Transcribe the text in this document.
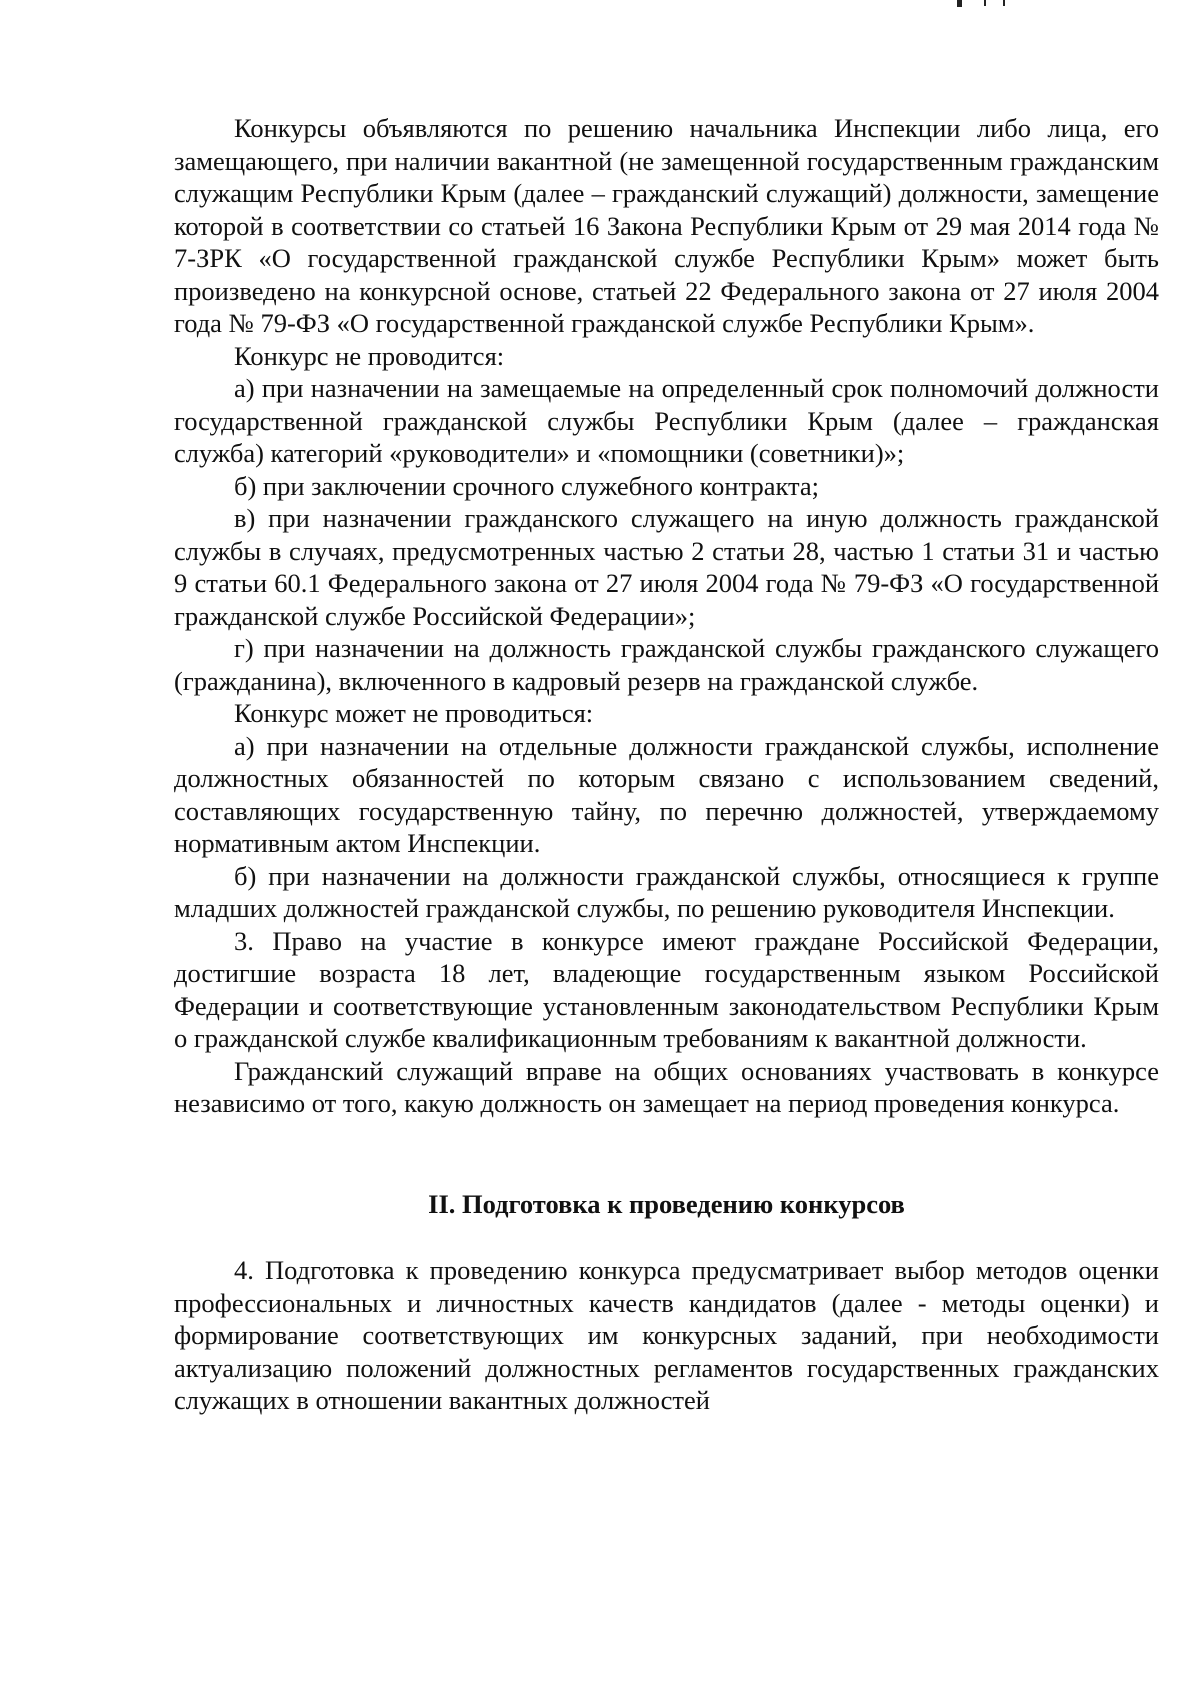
Конкурсы объявляются по решению начальника Инспекции либо лица, его замещающего, при наличии вакантной (не замещенной государственным гражданским служащим Республики Крым (далее – гражданский служащий) должности, замещение которой в соответствии со статьей 16 Закона Республики Крым от 29 мая 2014 года № 7-ЗРК «О государственной гражданской службе Республики Крым» может быть произведено на конкурсной основе, статьей 22 Федерального закона от 27 июля 2004 года № 79-ФЗ «О государственной гражданской службе Республики Крым».

Конкурс не проводится:

а) при назначении на замещаемые на определенный срок полномочий должности государственной гражданской службы Республики Крым (далее – гражданская служба) категорий «руководители» и «помощники (советники)»;

б) при заключении срочного служебного контракта;

в) при назначении гражданского служащего на иную должность гражданской службы в случаях, предусмотренных частью 2 статьи 28, частью 1 статьи 31 и частью 9 статьи 60.1 Федерального закона от 27 июля 2004 года № 79-ФЗ «О государственной гражданской службе Российской Федерации»;

г) при назначении на должность гражданской службы гражданского служащего (гражданина), включенного в кадровый резерв на гражданской службе.

Конкурс может не проводиться:

а) при назначении на отдельные должности гражданской службы, исполнение должностных обязанностей по которым связано с использованием сведений, составляющих государственную тайну, по перечню должностей, утверждаемому нормативным актом Инспекции.

б) при назначении на должности гражданской службы, относящиеся к группе младших должностей гражданской службы, по решению руководителя Инспекции.

3. Право на участие в конкурсе имеют граждане Российской Федерации, достигшие возраста 18 лет, владеющие государственным языком Российской Федерации и соответствующие установленным законодательством Республики Крым о гражданской службе квалификационным требованиям к вакантной должности.

Гражданский служащий вправе на общих основаниях участвовать в конкурсе независимо от того, какую должность он замещает на период проведения конкурса.

II. Подготовка к проведению конкурсов

4. Подготовка к проведению конкурса предусматривает выбор методов оценки профессиональных и личностных качеств кандидатов (далее - методы оценки) и формирование соответствующих им конкурсных заданий, при необходимости актуализацию положений должностных регламентов государственных гражданских служащих в отношении вакантных должностей
